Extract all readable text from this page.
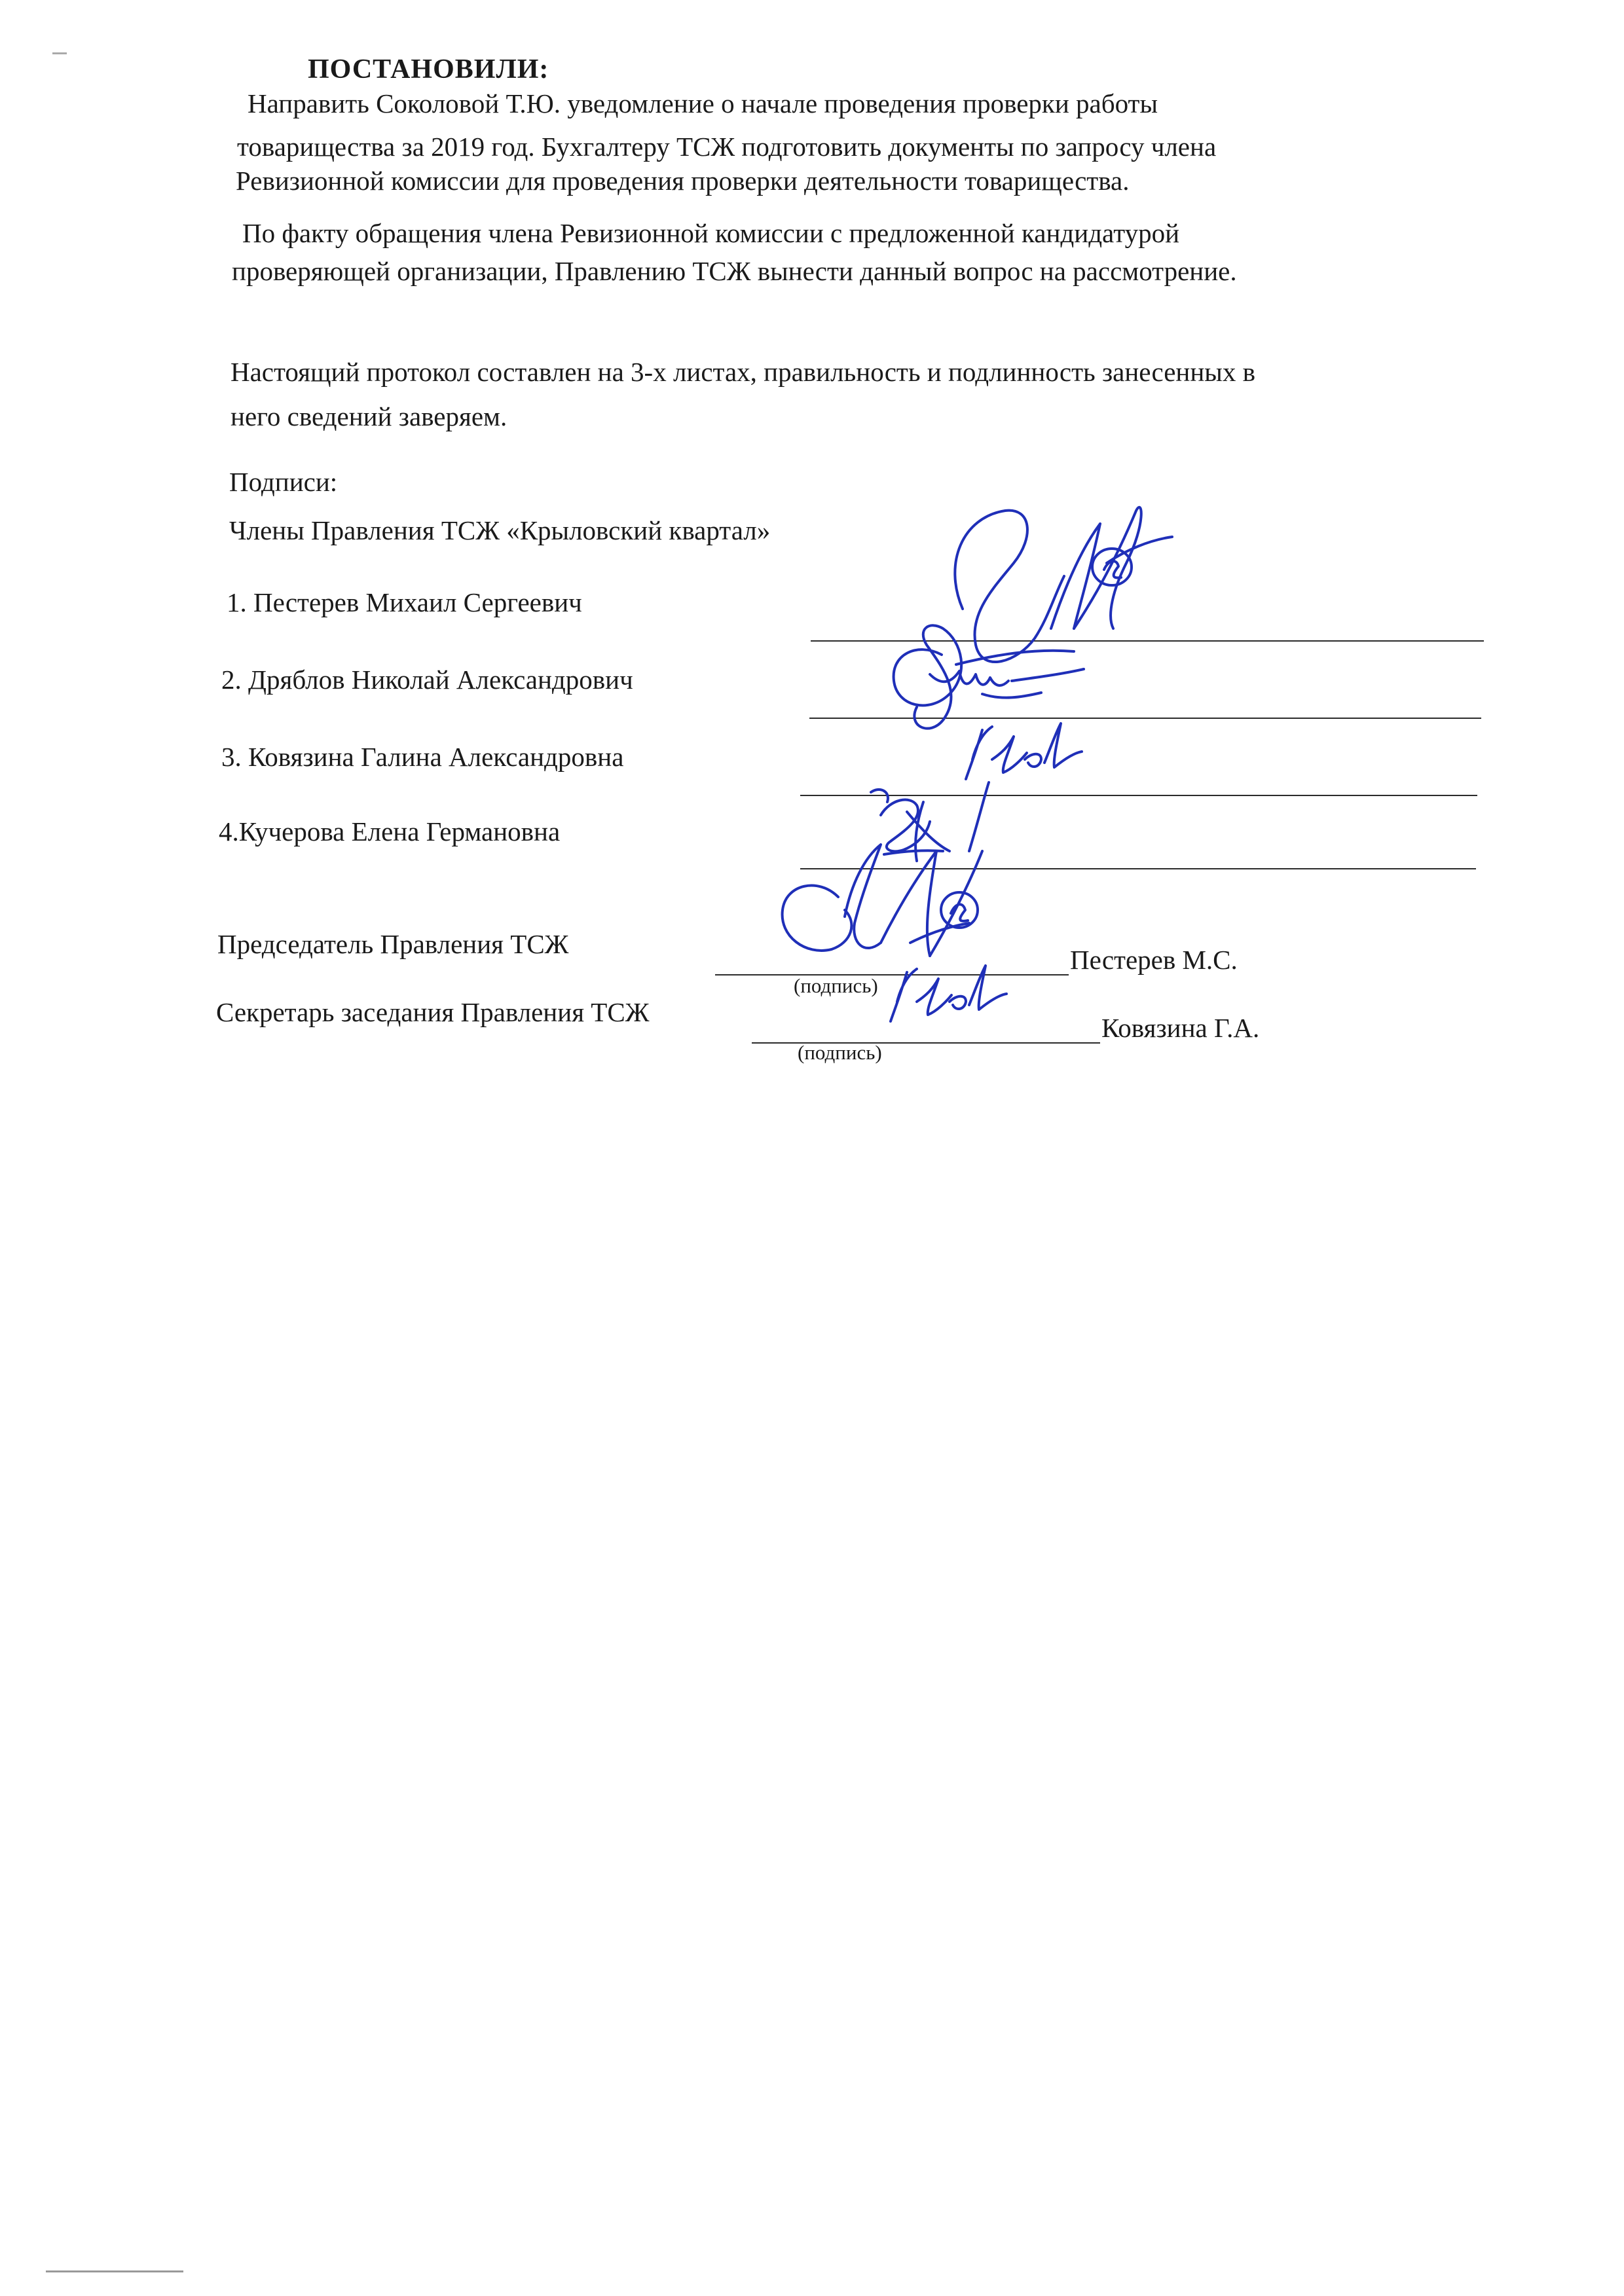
ПОСТАНОВИЛИ:
Направить Соколовой Т.Ю. уведомление о начале проведения проверки работы
товарищества за 2019 год. Бухгалтеру ТСЖ подготовить документы по запросу члена
Ревизионной комиссии для проведения проверки деятельности товарищества.
По факту обращения члена Ревизионной комиссии с предложенной кандидатурой
проверяющей организации, Правлению ТСЖ вынести данный вопрос на рассмотрение.
Настоящий протокол составлен на 3-х листах, правильность и подлинность занесенных в
него сведений заверяем.
Подписи:
Члены Правления ТСЖ «Крыловский квартал»
1. Пестерев Михаил Сергеевич
2. Дряблов Николай Александрович
3. Ковязина Галина Александровна
4.Кучерова Елена Германовна
Председатель Правления ТСЖ
(подпись)
Пестерев М.С.
Секретарь заседания Правления ТСЖ
(подпись)
Ковязина Г.А.
